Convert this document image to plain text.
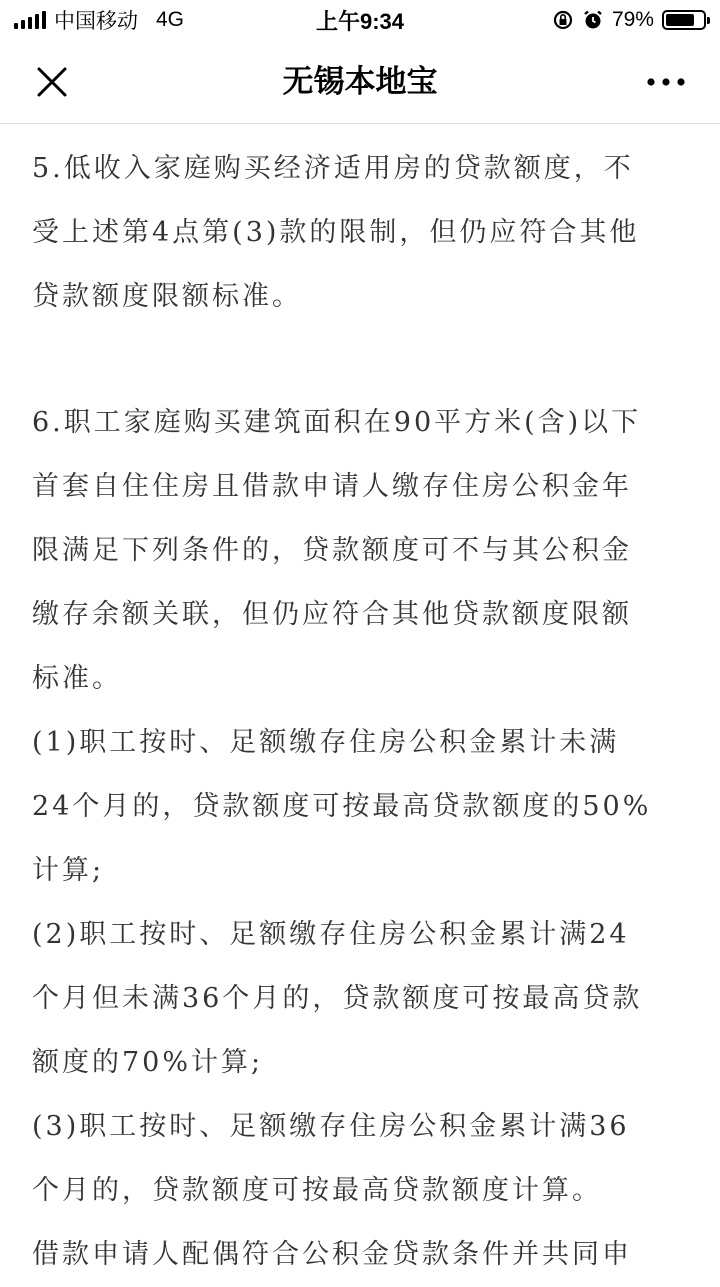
中国移动 4G	上午9:34	79%
无锡本地宝

5.低收入家庭购买经济适用房的贷款额度，不

受上述第4点第(3)款的限制，但仍应符合其他

贷款额度限额标准。

6.职工家庭购买建筑面积在90平方米(含)以下

首套自住住房且借款申请人缴存住房公积金年

限满足下列条件的，贷款额度可不与其公积金

缴存余额关联，但仍应符合其他贷款额度限额

标准。

(1)职工按时、足额缴存住房公积金累计未满

24个月的，贷款额度可按最高贷款额度的50%

计算;

(2)职工按时、足额缴存住房公积金累计满24

个月但未满36个月的，贷款额度可按最高贷款

额度的70%计算;

(3)职工按时、足额缴存住房公积金累计满36

个月的，贷款额度可按最高贷款额度计算。

借款申请人配偶符合公积金贷款条件并共同申
